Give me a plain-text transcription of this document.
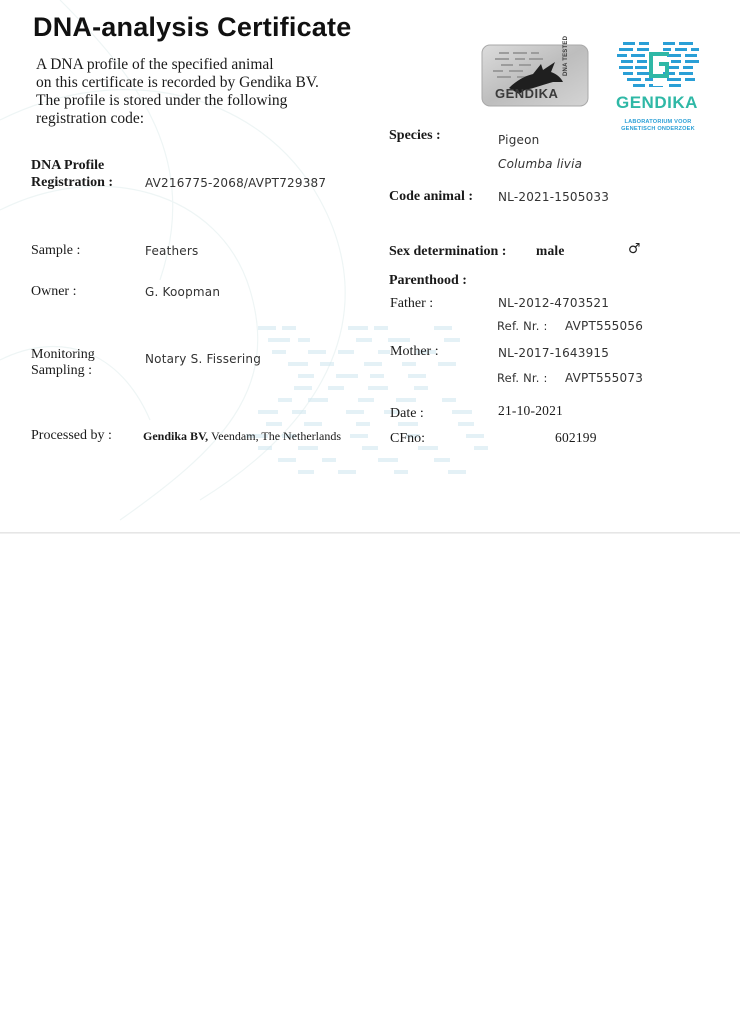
DNA-analysis Certificate
A DNA profile of the specified animal
on this certificate is recorded by Gendika BV.
The profile is stored under the following
registration code:
DNA Profile
Registration :	AV216775-2068/AVPT729387
Sample :	Feathers
Owner :	G. Koopman
Monitoring
Sampling :
Notary S. Fissering
Processed by :	Gendika BV, Veendam, The Netherlands
Species :	Pigeon
Columba livia
Code animal : NL-2021-1505033
Sex determination : male	♂
Parenthood :
Father :	NL-2012-4703521
Ref. Nr. : AVPT555056
Mother :	NL-2017-1643915
Ref. Nr. : AVPT555073
Date :	21-10-2021
CFno:	602199
GENDIKA
DNA TESTED
GENDIKA
LABORATORIUM VOOR
GENETISCH ONDERZOEK
